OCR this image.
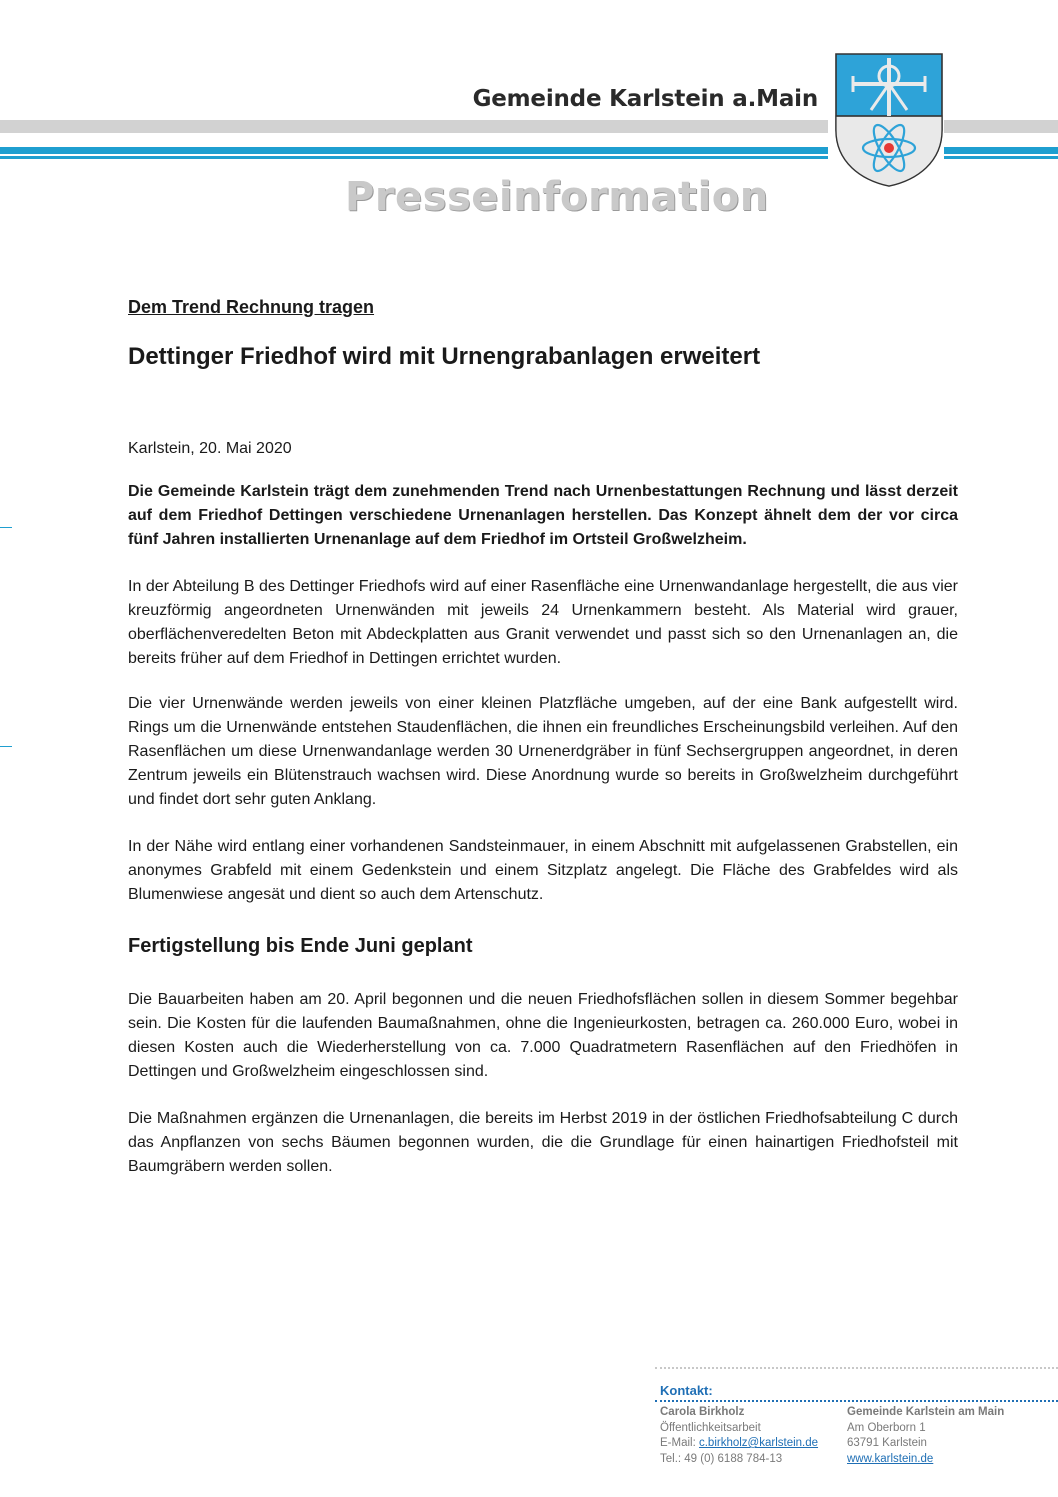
Gemeinde Karlstein a.Main
Presseinformation
Dem Trend Rechnung tragen
Dettinger Friedhof wird mit Urnengrabanlagen erweitert
Karlstein, 20. Mai 2020
Die Gemeinde Karlstein trägt dem zunehmenden Trend nach Urnenbestattungen Rechnung und lässt derzeit auf dem Friedhof Dettingen verschiedene Urnenanlagen herstellen. Das Konzept ähnelt dem der vor circa fünf Jahren installierten Urnenanlage auf dem Friedhof im Ortsteil Großwelzheim.
In der Abteilung B des Dettinger Friedhofs wird auf einer Rasenfläche eine Urnenwandanlage hergestellt, die aus vier kreuzförmig angeordneten Urnenwänden mit jeweils 24 Urnenkammern besteht. Als Material wird grauer, oberflächenveredelten Beton mit Abdeckplatten aus Granit verwendet und passt sich so den Urnenanlagen an, die bereits früher auf dem Friedhof in Dettingen errichtet wurden.
Die vier Urnenwände werden jeweils von einer kleinen Platzfläche umgeben, auf der eine Bank aufgestellt wird. Rings um die Urnenwände entstehen Staudenflächen, die ihnen ein freundliches Erscheinungsbild verleihen. Auf den Rasenflächen um diese Urnenwandanlage werden 30 Urnenerdgräber in fünf Sechsergruppen angeordnet, in deren Zentrum jeweils ein Blütenstrauch wachsen wird. Diese Anordnung wurde so bereits in Großwelzheim durchgeführt und findet dort sehr guten Anklang.
In der Nähe wird entlang einer vorhandenen Sandsteinmauer, in einem Abschnitt mit aufgelassenen Grabstellen, ein anonymes Grabfeld mit einem Gedenkstein und einem Sitzplatz angelegt. Die Fläche des Grabfeldes wird als Blumenwiese angesät und dient so auch dem Artenschutz.
Fertigstellung bis Ende Juni geplant
Die Bauarbeiten haben am 20. April begonnen und die neuen Friedhofsflächen sollen in diesem Sommer begehbar sein. Die Kosten für die laufenden Baumaßnahmen, ohne die Ingenieurkosten, betragen ca. 260.000 Euro, wobei in diesen Kosten auch die Wiederherstellung von ca. 7.000 Quadratmetern Rasenflächen auf den Friedhöfen in Dettingen und Großwelzheim eingeschlossen sind.
Die Maßnahmen ergänzen die Urnenanlagen, die bereits im Herbst 2019 in der östlichen Friedhofsabteilung C durch das Anpflanzen von sechs Bäumen begonnen wurden, die die Grundlage für einen hainartigen Friedhofsteil mit Baumgräbern werden sollen.
Kontakt:
Carola Birkholz
Öffentlichkeitsarbeit
E-Mail: c.birkholz@karlstein.de
Tel.: 49 (0) 6188 784-13
Gemeinde Karlstein am Main
Am Oberborn 1
63791 Karlstein
www.karlstein.de
